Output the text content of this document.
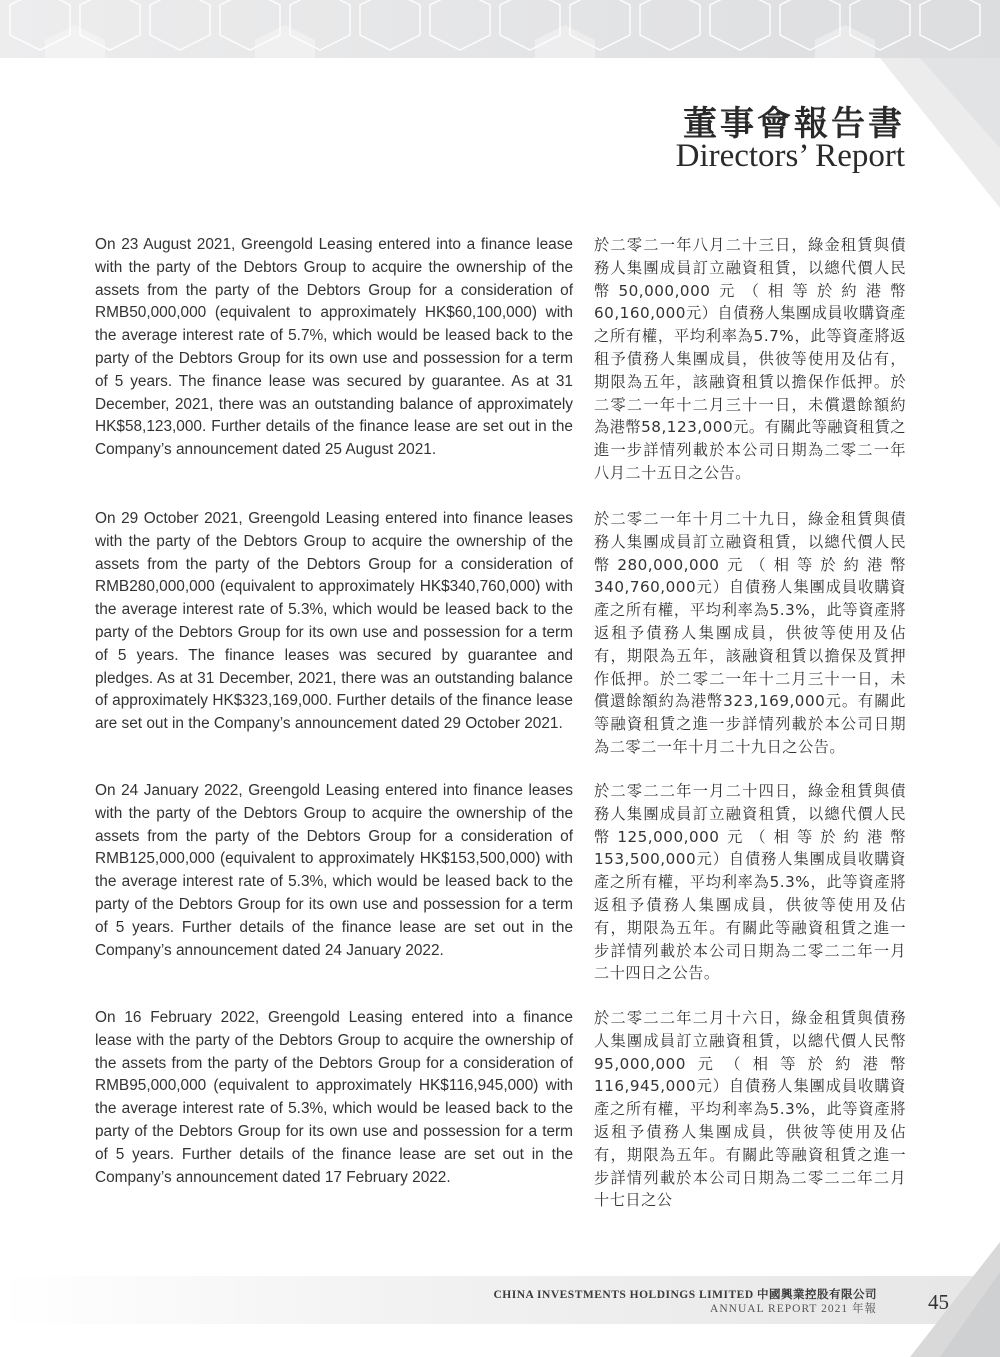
董事會報告書
Directors’ Report

On 23 August 2021, Greengold Leasing entered into a finance lease with the party of the Debtors Group to acquire the ownership of the assets from the party of the Debtors Group for a consideration of RMB50,000,000 (equivalent to approximately HK$60,100,000) with the average interest rate of 5.7%, which would be leased back to the party of the Debtors Group for its own use and possession for a term of 5 years. The finance lease was secured by guarantee. As at 31 December, 2021, there was an outstanding balance of approximately HK$58,123,000. Further details of the finance lease are set out in the Company’s announcement dated 25 August 2021.

On 29 October 2021, Greengold Leasing entered into finance leases with the party of the Debtors Group to acquire the ownership of the assets from the party of the Debtors Group for a consideration of RMB280,000,000 (equivalent to approximately HK$340,760,000) with the average interest rate of 5.3%, which would be leased back to the party of the Debtors Group for its own use and possession for a term of 5 years. The finance leases was secured by guarantee and pledges. As at 31 December, 2021, there was an outstanding balance of approximately HK$323,169,000. Further details of the finance lease are set out in the Company’s announcement dated 29 October 2021.

On 24 January 2022, Greengold Leasing entered into finance leases with the party of the Debtors Group to acquire the ownership of the assets from the party of the Debtors Group for a consideration of RMB125,000,000 (equivalent to approximately HK$153,500,000) with the average interest rate of 5.3%, which would be leased back to the party of the Debtors Group for its own use and possession for a term of 5 years. Further details of the finance lease are set out in the Company’s announcement dated 24 January 2022.

On 16 February 2022, Greengold Leasing entered into a finance lease with the party of the Debtors Group to acquire the ownership of the assets from the party of the Debtors Group for a consideration of RMB95,000,000 (equivalent to approximately HK$116,945,000) with the average interest rate of 5.3%, which would be leased back to the party of the Debtors Group for its own use and possession for a term of 5 years. Further details of the finance lease are set out in the Company’s announcement dated 17 February 2022.

於二零二一年八月二十三日，綠金租賃與債務人集團成員訂立融資租賃，以總代價人民幣50,000,000元（相等於約港幣60,160,000元）自債務人集團成員收購資產之所有權，平均利率為5.7%，此等資產將返租予債務人集團成員，供彼等使用及佔有，期限為五年，該融資租賃以擔保作低押。於二零二一年十二月三十一日，未償還餘額約為港幣58,123,000元。有關此等融資租賃之進一步詳情列載於本公司日期為二零二一年八月二十五日之公告。

於二零二一年十月二十九日，綠金租賃與債務人集團成員訂立融資租賃，以總代價人民幣280,000,000元（相等於約港幣340,760,000元）自債務人集團成員收購資產之所有權，平均利率為5.3%，此等資產將返租予債務人集團成員，供彼等使用及佔有，期限為五年，該融資租賃以擔保及質押作低押。於二零二一年十二月三十一日，未償還餘額約為港幣323,169,000元。有關此等融資租賃之進一步詳情列載於本公司日期為二零二一年十月二十九日之公告。

於二零二二年一月二十四日，綠金租賃與債務人集團成員訂立融資租賃，以總代價人民幣125,000,000元（相等於約港幣153,500,000元）自債務人集團成員收購資產之所有權，平均利率為5.3%，此等資產將返租予債務人集團成員，供彼等使用及佔有，期限為五年。有關此等融資租賃之進一步詳情列載於本公司日期為二零二二年一月二十四日之公告。

於二零二二年二月十六日，綠金租賃與債務人集團成員訂立融資租賃，以總代價人民幣95,000,000元（相等於約港幣116,945,000元）自債務人集團成員收購資產之所有權，平均利率為5.3%，此等資產將返租予債務人集團成員，供彼等使用及佔有，期限為五年。有關此等融資租賃之進一步詳情列載於本公司日期為二零二二年二月十七日之公

CHINA INVESTMENTS HOLDINGS LIMITED 中國興業控股有限公司
ANNUAL REPORT 2021 年報 45
